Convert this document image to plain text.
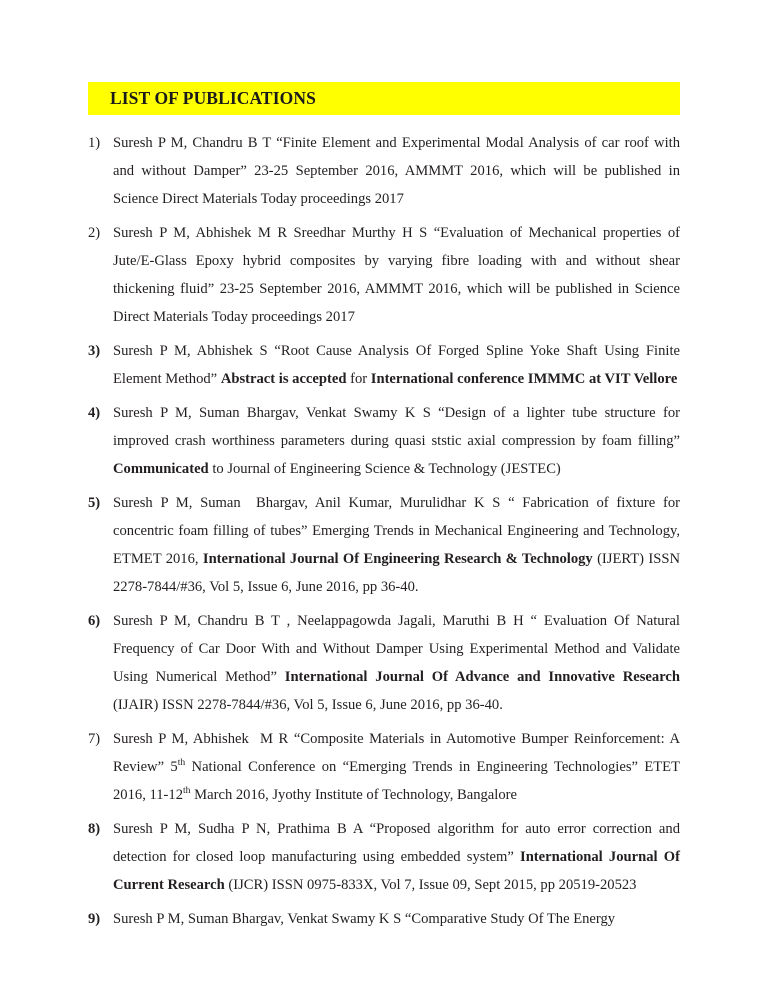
LIST OF PUBLICATIONS
1) Suresh P M, Chandru B T “Finite Element and Experimental Modal Analysis of car roof with and without Damper” 23-25 September 2016, AMMMT 2016, which will be published in Science Direct Materials Today proceedings 2017
2) Suresh P M, Abhishek M R Sreedhar Murthy H S “Evaluation of Mechanical properties of Jute/E-Glass Epoxy hybrid composites by varying fibre loading with and without shear thickening fluid” 23-25 September 2016, AMMMT 2016, which will be published in Science Direct Materials Today proceedings 2017
3) Suresh P M, Abhishek S “Root Cause Analysis Of Forged Spline Yoke Shaft Using Finite Element Method” Abstract is accepted for International conference IMMMC at VIT Vellore
4) Suresh P M, Suman Bhargav, Venkat Swamy K S “Design of a lighter tube structure for improved crash worthiness parameters during quasi ststic axial compression by foam filling” Communicated to Journal of Engineering Science & Technology (JESTEC)
5) Suresh P M, Suman  Bhargav, Anil Kumar, Murulidhar K S “ Fabrication of fixture for concentric foam filling of tubes” Emerging Trends in Mechanical Engineering and Technology, ETMET 2016, International Journal Of Engineering Research & Technology (IJERT) ISSN 2278-7844/#36, Vol 5, Issue 6, June 2016, pp 36-40.
6) Suresh P M, Chandru B T , Neelappagowda Jagali, Maruthi B H “ Evaluation Of Natural Frequency of Car Door With and Without Damper Using Experimental Method and Validate Using Numerical Method” International Journal Of Advance and Innovative Research (IJAIR) ISSN 2278-7844/#36, Vol 5, Issue 6, June 2016, pp 36-40.
7) Suresh P M, Abhishek  M R “Composite Materials in Automotive Bumper Reinforcement: A Review” 5th National Conference on “Emerging Trends in Engineering Technologies” ETET 2016, 11-12th March 2016, Jyothy Institute of Technology, Bangalore
8) Suresh P M, Sudha P N, Prathima B A “Proposed algorithm for auto error correction and detection for closed loop manufacturing using embedded system” International Journal Of Current Research (IJCR) ISSN 0975-833X, Vol 7, Issue 09, Sept 2015, pp 20519-20523
9) Suresh P M, Suman Bhargav, Venkat Swamy K S “Comparative Study Of The Energy
